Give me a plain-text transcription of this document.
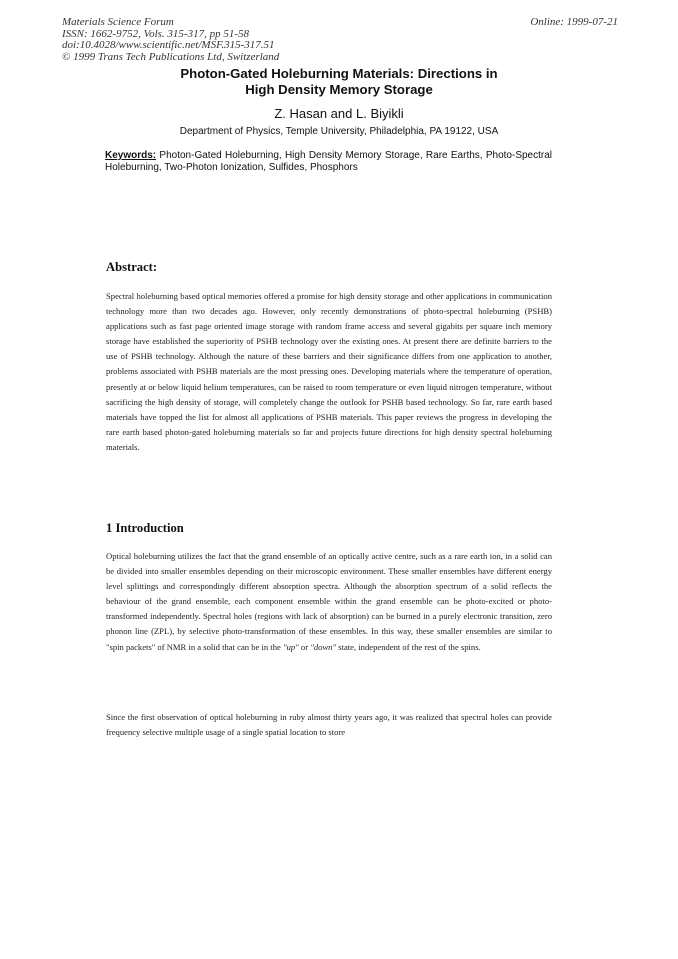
Materials Science Forum
ISSN: 1662-9752, Vols. 315-317, pp 51-58
doi:10.4028/www.scientific.net/MSF.315-317.51
© 1999 Trans Tech Publications Ltd, Switzerland
Online: 1999-07-21
Photon-Gated Holeburning Materials: Directions in
High Density Memory Storage
Z. Hasan and L. Biyikli
Department of Physics, Temple University, Philadelphia, PA 19122, USA
Keywords: Photon-Gated Holeburning, High Density Memory Storage, Rare Earths, Photo-Spectral Holeburning, Two-Photon Ionization, Sulfides, Phosphors
Abstract:

Spectral holeburning based optical memories offered a promise for high density storage and other applications in communication technology more than two decades ago. However, only recently demonstrations of photo-spectral holeburning (PSHB) applications such as fast page oriented image storage with random frame access and several gigabits per square inch memory storage have established the superiority of PSHB technology over the existing ones. At present there are definite barriers to the use of PSHB technology. Although the nature of these barriers and their significance differs from one application to another, problems associated with PSHB materials are the most pressing ones. Developing materials where the temperature of operation, presently at or below liquid helium temperatures, can be raised to room temperature or even liquid nitrogen temperature, without sacrificing the high density of storage, will completely change the outlook for PSHB based technology. So far, rare earth based materials have topped the list for almost all applications of PSHB materials. This paper reviews the progress in developing the rare earth based photon-gated holeburning materials so far and projects future directions for high density spectral holeburning materials.

1 Introduction

Optical holeburning utilizes the fact that the grand ensemble of an optically active centre, such as a rare earth ion, in a solid can be divided into smaller ensembles depending on their microscopic environment. These smaller ensembles have different energy level splittings and correspondingly different absorption spectra. Although the absorption spectrum of a solid reflects the behaviour of the grand ensemble, each component ensemble within the grand ensemble can be photo-excited or photo-transformed independently. Spectral holes (regions with lack of absorption) can be burned in a purely electronic transition, zero phonon line (ZPL), by selective photo-transformation of these ensembles. In this way, these smaller ensembles are similar to "spin packets" of NMR in a solid that can be in the "up" or "down" state, independent of the rest of the spins.

Since the first observation of optical holeburning in ruby almost thirty years ago, it was realized that spectral holes can provide frequency selective multiple usage of a single spatial location to store
